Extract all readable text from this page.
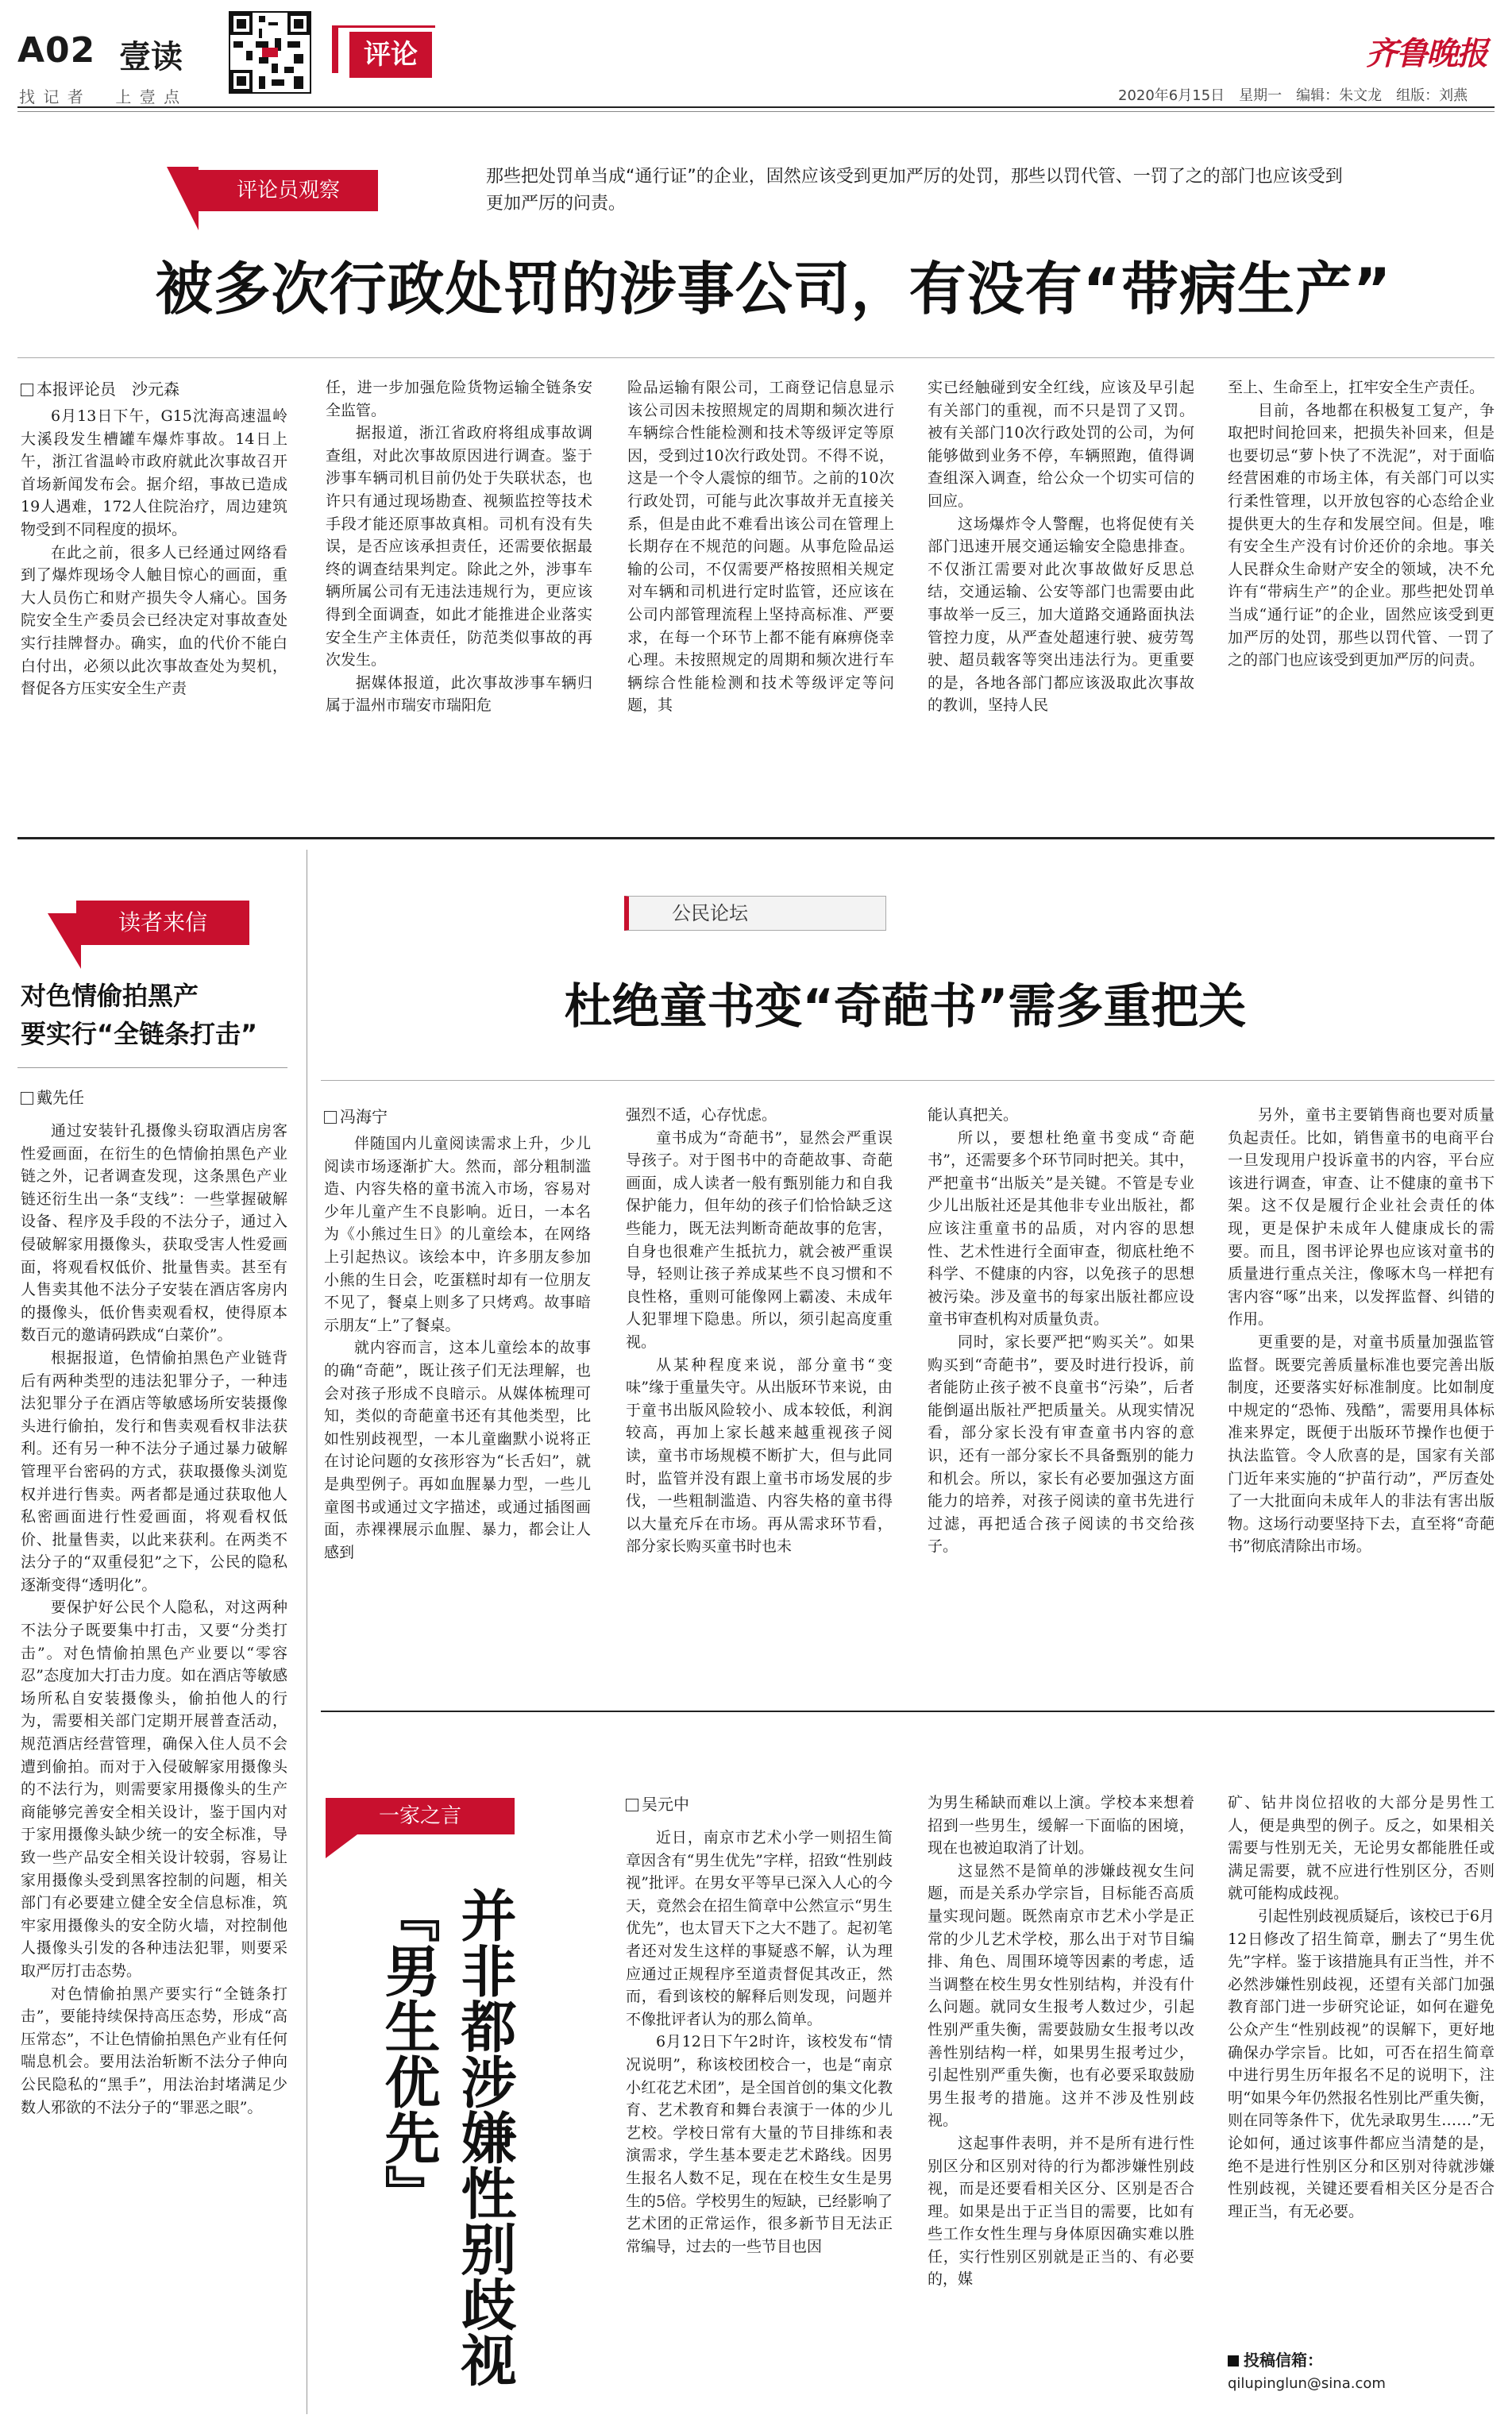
A02 壹读
找 记 者 　 上 壹 点
评论	齐鲁晚报
2020年6月15日　星期一　编辑：朱文龙　组版：刘燕
评论员观察
那些把处罚单当成“通行证”的企业，固然应该受到更加严厉的处罚，那些以罚代管、一罚了之的部门也应该受到更加严厉的问责。
被多次行政处罚的涉事公司，有没有“带病生产”
本报评论员　沙元森

6月13日下午，G15沈海高速温岭大溪段发生槽罐车爆炸事故。14日上午，浙江省温岭市政府就此次事故召开首场新闻发布会。据介绍，事故已造成19人遇难，172人住院治疗，周边建筑物受到不同程度的损坏。

在此之前，很多人已经通过网络看到了爆炸现场令人触目惊心的画面，重大人员伤亡和财产损失令人痛心。国务院安全生产委员会已经决定对事故查处实行挂牌督办。确实，血的代价不能白白付出，必须以此次事故查处为契机，督促各方压实安全生产责

任，进一步加强危险货物运输全链条安全监管。

据报道，浙江省政府将组成事故调查组，对此次事故原因进行调查。鉴于涉事车辆司机目前仍处于失联状态，也许只有通过现场勘查、视频监控等技术手段才能还原事故真相。司机有没有失误，是否应该承担责任，还需要依据最终的调查结果判定。除此之外，涉事车辆所属公司有无违法违规行为，更应该得到全面调查，如此才能推进企业落实安全生产主体责任，防范类似事故的再次发生。

据媒体报道，此次事故涉事车辆归属于温州市瑞安市瑞阳危

险品运输有限公司，工商登记信息显示该公司因未按照规定的周期和频次进行车辆综合性能检测和技术等级评定等原因，受到过10次行政处罚。不得不说，这是一个令人震惊的细节。之前的10次行政处罚，可能与此次事故并无直接关系，但是由此不难看出该公司在管理上长期存在不规范的问题。从事危险品运输的公司，不仅需要严格按照相关规定对车辆和司机进行定时监管，还应该在公司内部管理流程上坚持高标准、严要求，在每一个环节上都不能有麻痹侥幸心理。未按照规定的周期和频次进行车辆综合性能检测和技术等级评定等问题，其

实已经触碰到安全红线，应该及早引起有关部门的重视，而不只是罚了又罚。被有关部门10次行政处罚的公司，为何能够做到业务不停，车辆照跑，值得调查组深入调查，给公众一个切实可信的回应。

这场爆炸令人警醒，也将促使有关部门迅速开展交通运输安全隐患排查。不仅浙江需要对此次事故做好反思总结，交通运输、公安等部门也需要由此事故举一反三，加大道路交通路面执法管控力度，从严查处超速行驶、疲劳驾驶、超员载客等突出违法行为。更重要的是，各地各部门都应该汲取此次事故的教训，坚持人民

至上、生命至上，扛牢安全生产责任。

目前，各地都在积极复工复产，争取把时间抢回来，把损失补回来，但是也要切忌“萝卜快了不洗泥”，对于面临经营困难的市场主体，有关部门可以实行柔性管理，以开放包容的心态给企业提供更大的生存和发展空间。但是，唯有安全生产没有讨价还价的余地。事关人民群众生命财产安全的领域，决不允许有“带病生产”的企业。那些把处罚单当成“通行证”的企业，固然应该受到更加严厉的处罚，那些以罚代管、一罚了之的部门也应该受到更加严厉的问责。

读者来信
对色情偷拍黑产
要实行“全链条打击”
戴先任

通过安装针孔摄像头窃取酒店房客性爱画面，在衍生的色情偷拍黑色产业链之外，记者调查发现，这条黑色产业链还衍生出一条“支线”：一些掌握破解设备、程序及手段的不法分子，通过入侵破解家用摄像头，获取受害人性爱画面，将观看权低价、批量售卖。甚至有人售卖其他不法分子安装在酒店客房内的摄像头，低价售卖观看权，使得原本数百元的邀请码跌成“白菜价”。

根据报道，色情偷拍黑色产业链背后有两种类型的违法犯罪分子，一种违法犯罪分子在酒店等敏感场所安装摄像头进行偷拍，发行和售卖观看权非法获利。还有另一种不法分子通过暴力破解管理平台密码的方式，获取摄像头浏览权并进行售卖。两者都是通过获取他人私密画面进行性爱画面，将观看权低价、批量售卖，以此来获利。在两类不法分子的“双重侵犯”之下，公民的隐私逐渐变得“透明化”。

要保护好公民个人隐私，对这两种不法分子既要集中打击，又要“分类打击”。对色情偷拍黑色产业要以“零容忍”态度加大打击力度。如在酒店等敏感场所私自安装摄像头，偷拍他人的行为，需要相关部门定期开展普查活动，规范酒店经营管理，确保入住人员不会遭到偷拍。而对于入侵破解家用摄像头的不法行为，则需要家用摄像头的生产商能够完善安全相关设计，鉴于国内对于家用摄像头缺少统一的安全标准，导致一些产品安全相关设计较弱，容易让家用摄像头受到黑客控制的问题，相关部门有必要建立健全安全信息标准，筑牢家用摄像头的安全防火墙，对控制他人摄像头引发的各种违法犯罪，则要采取严厉打击态势。

对色情偷拍黑产要实行“全链条打击”，要能持续保持高压态势，形成“高压常态”，不让色情偷拍黑色产业有任何喘息机会。要用法治斩断不法分子伸向公民隐私的“黑手”，用法治封堵满足少数人邪欲的不法分子的“罪恶之眼”。

公民论坛
杜绝童书变“奇葩书”需多重把关
冯海宁

伴随国内儿童阅读需求上升，少儿阅读市场逐渐扩大。然而，部分粗制滥造、内容失格的童书流入市场，容易对少年儿童产生不良影响。近日，一本名为《小熊过生日》的儿童绘本，在网络上引起热议。该绘本中，许多朋友参加小熊的生日会，吃蛋糕时却有一位朋友不见了，餐桌上则多了只烤鸡。故事暗示朋友“上”了餐桌。

就内容而言，这本儿童绘本的故事的确“奇葩”，既让孩子们无法理解，也会对孩子形成不良暗示。从媒体梳理可知，类似的奇葩童书还有其他类型，比如性别歧视型，一本儿童幽默小说将正在讨论问题的女孩形容为“长舌妇”，就是典型例子。再如血腥暴力型，一些儿童图书或通过文字描述，或通过插图画面，赤裸裸展示血腥、暴力，都会让人感到

强烈不适，心存忧虑。

童书成为“奇葩书”，显然会严重误导孩子。对于图书中的奇葩故事、奇葩画面，成人读者一般有甄别能力和自我保护能力，但年幼的孩子们恰恰缺乏这些能力，既无法判断奇葩故事的危害，自身也很难产生抵抗力，就会被严重误导，轻则让孩子养成某些不良习惯和不良性格，重则可能像网上霸凌、未成年人犯罪埋下隐患。所以，须引起高度重视。

从某种程度来说，部分童书“变味”缘于重量失守。从出版环节来说，由于童书出版风险较小、成本较低，利润较高，再加上家长越来越重视孩子阅读，童书市场规模不断扩大，但与此同时，监管并没有跟上童书市场发展的步伐，一些粗制滥造、内容失格的童书得以大量充斥在市场。再从需求环节看，部分家长购买童书时也未

能认真把关。

所以，要想杜绝童书变成“奇葩书”，还需要多个环节同时把关。其中，严把童书“出版关”是关键。不管是专业少儿出版社还是其他非专业出版社，都应该注重童书的品质，对内容的思想性、艺术性进行全面审查，彻底杜绝不科学、不健康的内容，以免孩子的思想被污染。涉及童书的每家出版社都应设童书审查机构对质量负责。

同时，家长要严把“购买关”。如果购买到“奇葩书”，要及时进行投诉，前者能防止孩子被不良童书“污染”，后者能倒逼出版社严把质量关。从现实情况看，部分家长没有审查童书内容的意识，还有一部分家长不具备甄别的能力和机会。所以，家长有必要加强这方面能力的培养，对孩子阅读的童书先进行过滤，再把适合孩子阅读的书交给孩子。

另外，童书主要销售商也要对质量负起责任。比如，销售童书的电商平台一旦发现用户投诉童书的内容，平台应该进行调查，审查、让不健康的童书下架。这不仅是履行企业社会责任的体现，更是保护未成年人健康成长的需要。而且，图书评论界也应该对童书的质量进行重点关注，像啄木鸟一样把有害内容“啄”出来，以发挥监督、纠错的作用。

更重要的是，对童书质量加强监管监督。既要完善质量标准也要完善出版制度，还要落实好标准制度。比如制度中规定的“恐怖、残酷”，需要用具体标准来界定，既便于出版环节操作也便于执法监管。令人欣喜的是，国家有关部门近年来实施的“护苗行动”，严厉查处了一大批面向未成年人的非法有害出版物。这场行动要坚持下去，直至将“奇葩书”彻底清除出市场。

一家之言
『男生优先』 并非都涉嫌性别歧视
吴元中

近日，南京市艺术小学一则招生简章因含有“男生优先”字样，招致“性别歧视”批评。在男女平等早已深入人心的今天，竟然会在招生简章中公然宣示“男生优先”，也太冒天下之大不韪了。起初笔者还对发生这样的事疑惑不解，认为理应通过正规程序至道责督促其改正，然而，看到该校的解释后则发现，问题并不像批评者认为的那么简单。

6月12日下午2时许，该校发布“情况说明”，称该校团校合一，也是“南京小红花艺术团”，是全国首创的集文化教育、艺术教育和舞台表演于一体的少儿艺校。学校日常有大量的节目排练和表演需求，学生基本要走艺术路线。因男生报名人数不足，现在在校生女生是男生的5倍。学校男生的短缺，已经影响了艺术团的正常运作，很多新节目无法正常编导，过去的一些节目也因

为男生稀缺而难以上演。学校本来想着招到一些男生，缓解一下面临的困境，现在也被迫取消了计划。

这显然不是简单的涉嫌歧视女生问题，而是关系办学宗旨，目标能否高质量实现问题。既然南京市艺术小学是正常的少儿艺术学校，那么出于对节目编排、角色、周围环境等因素的考虑，适当调整在校生男女性别结构，并没有什么问题。就同女生报考人数过少，引起性别严重失衡，需要鼓励女生报考以改善性别结构一样，如果男生报考过少，引起性别严重失衡，也有必要采取鼓励男生报考的措施。这并不涉及性别歧视。

这起事件表明，并不是所有进行性别区分和区别对待的行为都涉嫌性别歧视，而是还要看相关区分、区别是否合理。如果是出于正当目的需要，比如有些工作女性生理与身体原因确实难以胜任，实行性别区别就是正当的、有必要的，媒

矿、钻井岗位招收的大部分是男性工人，便是典型的例子。反之，如果相关需要与性别无关，无论男女都能胜任或满足需要，就不应进行性别区分，否则就可能构成歧视。

引起性别歧视质疑后，该校已于6月12日修改了招生简章，删去了“男生优先”字样。鉴于该措施具有正当性，并不必然涉嫌性别歧视，还望有关部门加强教育部门进一步研究论证，如何在避免公众产生“性别歧视”的误解下，更好地确保办学宗旨。比如，可否在招生简章中进行男生历年报名不足的说明下，注明“如果今年仍然报名性别比严重失衡，则在同等条件下，优先录取男生……”无论如何，通过该事件都应当清楚的是，绝不是进行性别区分和区别对待就涉嫌性别歧视，关键还要看相关区分是否合理正当，有无必要。

投稿信箱：
qilupinglun@sina.com
